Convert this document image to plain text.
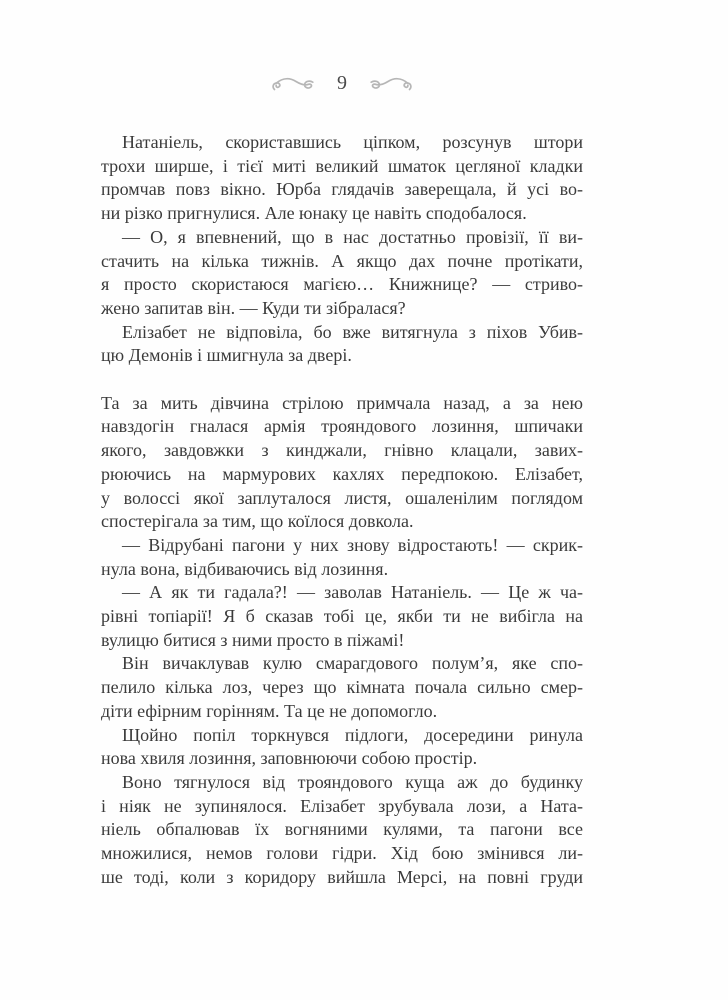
9
Натаніель, скориставшись ціпком, розсунув штори
трохи ширше, і тієї миті великий шматок цегляної кладки
промчав повз вікно. Юрба глядачів заверещала, й усі во-
ни різко пригнулися. Але юнаку це навіть сподобалося.
— О, я впевнений, що в нас достатньо провізії, її ви-
стачить на кілька тижнів. А якщо дах почне протікати,
я просто скористаюся магією… Книжнице? — стриво-
жено запитав він. — Куди ти зібралася?
Елізабет не відповіла, бо вже витягнула з піхов Убив-
цю Демонів і шмигнула за двері.
Та за мить дівчина стрілою примчала назад, а за нею
навздогін гналася армія трояндового лозиння, шпичаки
якого, завдовжки з кинджали, гнівно клацали, завих-
рюючись на мармурових кахлях передпокою. Елізабет,
у волоссі якої заплуталося листя, ошаленілим поглядом
спостерігала за тим, що коїлося довкола.
— Відрубані пагони у них знову відростають! — скрик-
нула вона, відбиваючись від лозиння.
— А як ти гадала?! — заволав Натаніель. — Це ж ча-
рівні топіарії! Я б сказав тобі це, якби ти не вибігла на
вулицю битися з ними просто в піжамі!
Він вичаклував кулю смарагдового полум’я, яке спо-
пелило кілька лоз, через що кімната почала сильно смер-
діти ефірним горінням. Та це не допомогло.
Щойно попіл торкнувся підлоги, досередини ринула
нова хвиля лозиння, заповнюючи собою простір.
Воно тягнулося від трояндового куща аж до будинку
і ніяк не зупинялося. Елізабет зрубувала лози, а Ната-
ніель обпалював їх вогняними кулями, та пагони все
множилися, немов голови гідри. Хід бою змінився ли-
ше тоді, коли з коридору вийшла Мерсі, на повні груди
